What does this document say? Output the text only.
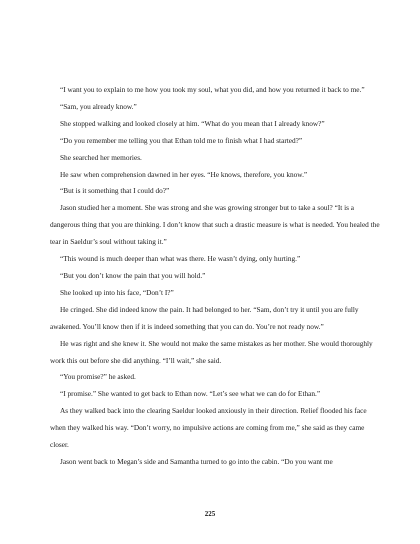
“I want you to explain to me how you took my soul, what you did, and how you returned it back to me.”

“Sam, you already know.”

She stopped walking and looked closely at him. “What do you mean that I already know?”

“Do you remember me telling you that Ethan told me to finish what I had started?”

She searched her memories.

He saw when comprehension dawned in her eyes. “He knows, therefore, you know.”

“But is it something that I could do?”

Jason studied her a moment. She was strong and she was growing stronger but to take a soul? “It is a dangerous thing that you are thinking. I don’t know that such a drastic measure is what is needed. You healed the tear in Saeldur’s soul without taking it.”

“This wound is much deeper than what was there. He wasn’t dying, only hurting.”

“But you don’t know the pain that you will hold.”

She looked up into his face, “Don’t I?”

He cringed. She did indeed know the pain. It had belonged to her. “Sam, don’t try it until you are fully awakened. You’ll know then if it is indeed something that you can do. You’re not ready now.”

He was right and she knew it. She would not make the same mistakes as her mother. She would thoroughly work this out before she did anything. “I’ll wait,” she said.

“You promise?” he asked.

“I promise.” She wanted to get back to Ethan now. “Let’s see what we can do for Ethan.”

As they walked back into the clearing Saeldur looked anxiously in their direction. Relief flooded his face when they walked his way. “Don’t worry, no impulsive actions are coming from me,” she said as they came closer.

Jason went back to Megan’s side and Samantha turned to go into the cabin. “Do you want me

225
